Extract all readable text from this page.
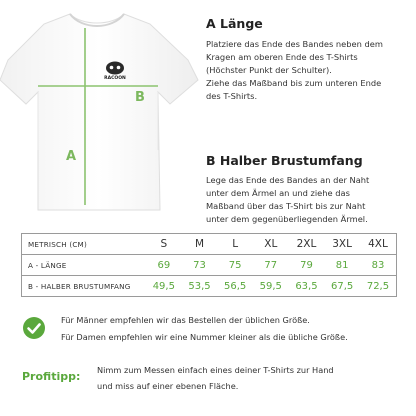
RACOON
A
B
A Länge
Platziere das Ende des Bandes neben dem
Kragen am oberen Ende des T-Shirts
(Höchster Punkt der Schulter).
Ziehe das Maßband bis zum unteren Ende
des T-Shirts.
B Halber Brustumfang
Lege das Ende des Bandes an der Naht
unter dem Ärmel an und ziehe das
Maßband über das T-Shirt bis zur Naht
unter dem gegenüberliegenden Ärmel.
METRISCH (CM)	S	M	L	XL	2XL	3XL	4XL
A - LÄNGE	69	73	75	77	79	81	83
B - HALBER BRUSTUMFANG	49,5	53,5	56,5	59,5	63,5	67,5	72,5
Für Männer empfehlen wir das Bestellen der üblichen Größe.
Für Damen empfehlen wir eine Nummer kleiner als die übliche Größe.
Profitipp: Nimm zum Messen einfach eines deiner T-Shirts zur Hand
und miss auf einer ebenen Fläche.
